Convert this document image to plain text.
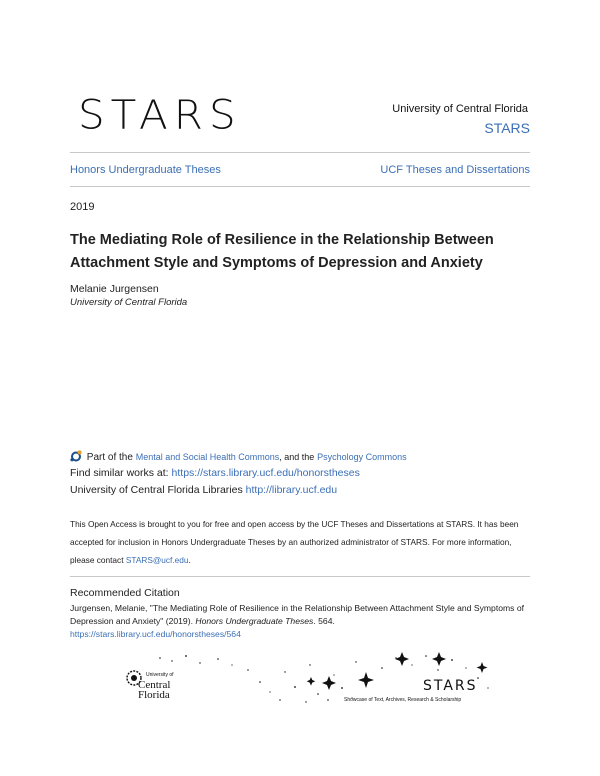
STARS	University of Central Florida
STARS
Honors Undergraduate Theses	UCF Theses and Dissertations
2019
The Mediating Role of Resilience in the Relationship Between Attachment Style and Symptoms of Depression and Anxiety
Melanie Jurgensen
University of Central Florida
Part of the Mental and Social Health Commons, and the Psychology Commons
Find similar works at: https://stars.library.ucf.edu/honorstheses
University of Central Florida Libraries http://library.ucf.edu
This Open Access is brought to you for free and open access by the UCF Theses and Dissertations at STARS. It has been accepted for inclusion in Honors Undergraduate Theses by an authorized administrator of STARS. For more information, please contact STARS@ucf.edu.
Recommended Citation
Jurgensen, Melanie, "The Mediating Role of Resilience in the Relationship Between Attachment Style and Symptoms of Depression and Anxiety" (2019). Honors Undergraduate Theses. 564.
https://stars.library.ucf.edu/honorstheses/564
University of
Central
Florida
STARS
Showcase of Text, Archives, Research & Scholarship
